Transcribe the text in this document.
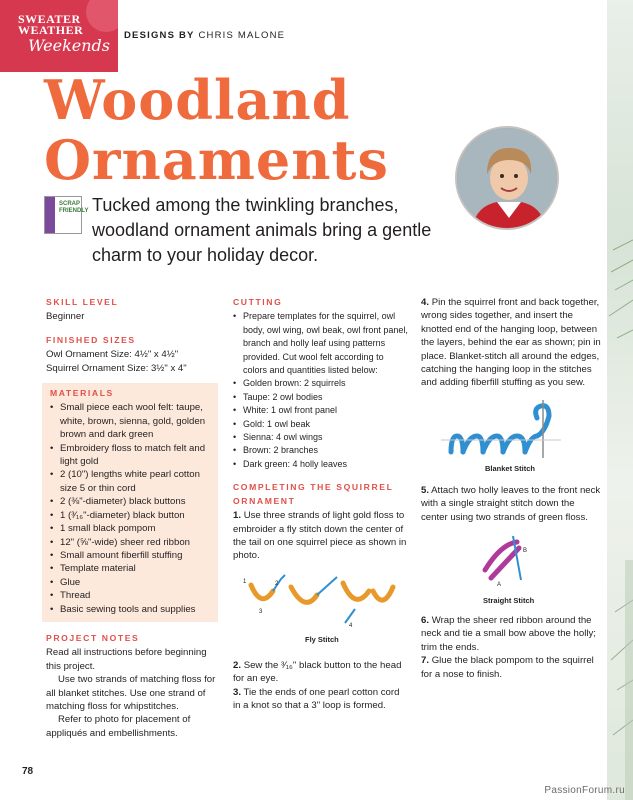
SWEATER
WEATHER
Weekends
DESIGNS BY CHRIS MALONE
Woodland
Ornaments
SCRAP
FRIENDLY Tucked among the twinkling branches, woodland ornament animals bring a gentle charm to your holiday decor.
SKILL LEVEL
Beginner
FINISHED SIZES
Owl Ornament Size: 4½" x 4½"
Squirrel Ornament Size: 3½" x 4"
MATERIALS
• Small piece each wool felt: taupe, white, brown, sienna, gold, golden brown and dark green
• Embroidery floss to match felt and light gold
• 2 (10") lengths white pearl cotton size 5 or thin cord
• 2 (⅜"-diameter) black buttons
• 1 (³⁄₁₆"-diameter) black button
• 1 small black pompom
• 12" (⅝"-wide) sheer red ribbon
• Small amount fiberfill stuffing
• Template material
• Glue
• Thread
• Basic sewing tools and supplies
PROJECT NOTES
Read all instructions before beginning this project.
Use two strands of matching floss for all blanket stitches. Use one strand of matching floss for whipstitches.
Refer to photo for placement of appliqués and embellishments.
CUTTING
• Prepare templates for the squirrel, owl body, owl wing, owl beak, owl front panel, branch and holly leaf using patterns provided. Cut wool felt according to colors and quantities listed below:
• Golden brown: 2 squirrels
• Taupe: 2 owl bodies
• White: 1 owl front panel
• Gold: 1 owl beak
• Sienna: 4 owl wings
• Brown: 2 branches
• Dark green: 4 holly leaves
COMPLETING THE SQUIRREL ORNAMENT
1. Use three strands of light gold floss to embroider a fly stitch down the center of the tail on one squirrel piece as shown in photo.
1	2
3
4
Fly Stitch
2. Sew the ³⁄₁₆" black button to the head for an eye.
3. Tie the ends of one pearl cotton cord in a knot so that a 3" loop is formed.
4. Pin the squirrel front and back together, wrong sides together, and insert the knotted end of the hanging loop, between the layers, behind the ear as shown; pin in place. Blanket-stitch all around the edges, catching the hanging loop in the stitches and adding fiberfill stuffing as you sew.
Blanket Stitch
5. Attach two holly leaves to the front neck with a single straight stitch down the center using two strands of green floss.
A
B
Straight Stitch
6. Wrap the sheer red ribbon around the neck and tie a small bow above the holly; trim the ends.
7. Glue the black pompom to the squirrel for a nose to finish.
78
PassionForum.ru
